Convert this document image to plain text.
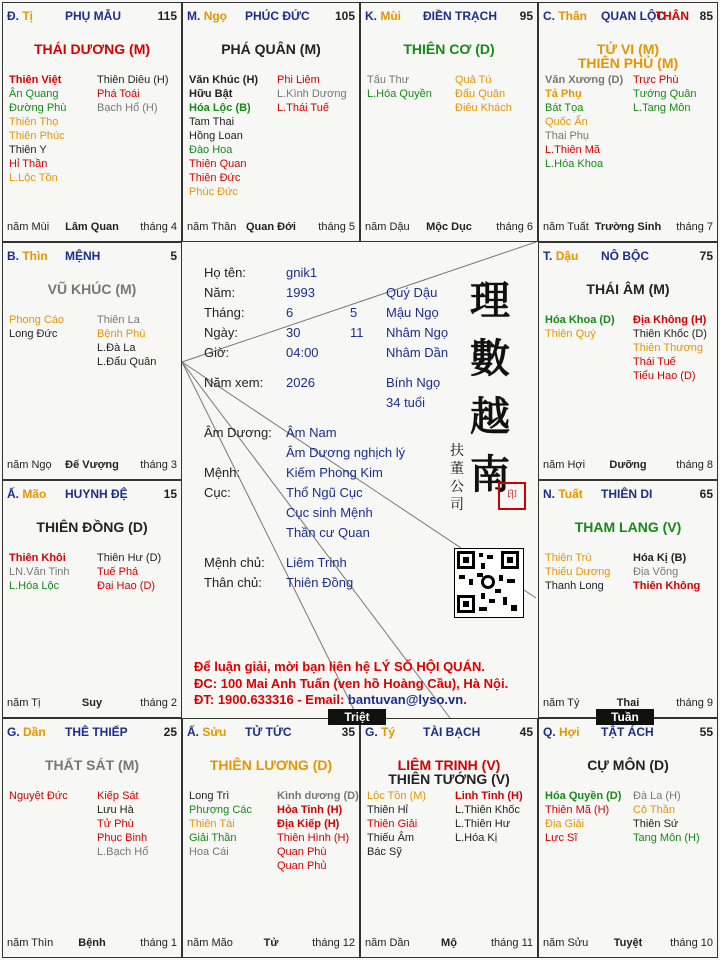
Đ. Tị	PHỤ MẪU	115
THÁI DƯƠNG (M)
Thiên Việt
Ân Quang
Đường Phù
Thiên Thọ
Thiên Phúc
Thiên Y
Hỉ Thần
L.Lộc Tồn
Thiên Diêu (H)
Phá Toái
Bạch Hổ (H)
năm Mùi	Lâm Quan	tháng 4
M. Ngọ PHÚC ĐỨC 105
PHÁ QUÂN (M)
Văn Khúc (H)
Hữu Bật
Hóa Lộc (B)
Tam Thai
Hồng Loan
Đào Hoa
Thiên Quan
Thiên Đức
Phúc Đức
Phi Liêm
L.Kình Dương
L.Thái Tuế
năm Thân Quan Đới	tháng 5
K. Mùi ĐIỀN TRẠCH 95
THIÊN CƠ (D)
Tấu Thư
L.Hóa Quyền
Quả Tú
Đẩu Quân
Điếu Khách
năm Dậu	Mộc Dục	tháng 6
C. Thân QUAN LỘC
THÂN 85
TỬ VI (M)
THIÊN PHỦ (M)
Văn Xương (D)
Tả Phụ
Bát Tọa
Quốc Ấn
Thai Phụ
L.Thiên Mã
L.Hóa Khoa
Trực Phù
Tướng Quân
L.Tang Môn
năm Tuất Trường Sinh	tháng 7
B. Thìn MỆNH	5
VŨ KHÚC (M)
Phong Cáo
Long Đức
Thiên La
Bệnh Phù
L.Đà La
L.Đẩu Quân
năm Ngọ	Đế Vượng	tháng 3
T. Dậu NÔ BỘC	75
THÁI ÂM (M)
Hóa Khoa (D)
Thiên Quý
Địa Không (H)
Thiên Khốc (D)
Thiên Thương
Thái Tuế
Tiểu Hao (D)
năm Hợi	Dưỡng	tháng 8
Ấ. Mão HUYNH ĐỆ	15
THIÊN ĐỒNG (D)
Thiên Khôi
LN.Văn Tinh
L.Hóa Lộc
Thiên Hư (D)
Tuế Phá
Đại Hao (D)
năm Tị	Suy	tháng 2
N. Tuất THIÊN DI	65
THAM LANG (V)
Thiên Trù
Thiếu Dương
Thanh Long
Hóa Kị (B)
Địa Võng
Thiên Không
năm Tý	Thai	tháng 9
G. Dần THÊ THIẾP	25
THẤT SÁT (M)
Nguyệt Đức	Kiếp Sát
Lưu Hà
Tử Phù
Phục Binh
L.Bạch Hổ
năm Thìn	Bệnh	tháng 1
Ấ. Sửu TỬ TỨC	35
THIÊN LƯƠNG (D)
Long Trì
Phượng Các
Thiên Tài
Giải Thần
Hoa Cái
Kình dương (D)
Hỏa Tinh (H)
Địa Kiếp (H)
Thiên Hình (H)
Quan Phù
Quan Phủ
năm Mão	Tử	tháng 12
G. Tý TÀI BẠCH	45
LIÊM TRINH (V)
THIÊN TƯỚNG (V)
Lộc Tồn (M)
Thiên Hỉ
Thiên Giải
Thiếu Âm
Bác Sỹ
Linh Tinh (H)
L.Thiên Khốc
L.Thiên Hư
L.Hóa Kị
năm Dần	Mộ	tháng 11
Q. Hợi TẬT ÁCH	55
CỰ MÔN (D)
Hóa Quyền (D)
Thiên Mã (H)
Địa Giải
Lực Sĩ
Đà La (H)
Cô Thần
Thiên Sứ
Tang Môn (H)
năm Sửu	Tuyệt	tháng 10
Triệt	Tuần
Họ tên:	gnik1
Năm:	1993	Quý Dậu
Tháng:	6	5 Mậu Ngọ
Ngày:	30	11 Nhâm Ngọ
Giờ:	04:00	Nhâm Dần
Năm xem: 2026	Bính Ngọ
34 tuổi
Âm Dương: Âm Nam
Âm Dương nghịch lý
Mệnh:	Kiếm Phong Kim
Cục:	Thổ Ngũ Cục
Cục sinh Mệnh
Thần cư Quan
Mệnh chủ: Liêm Trinh
Thân chủ: Thiên Đồng
理
數
越
南
扶
董
公
司
印
Để luận giải, mời bạn liên hệ LÝ SỐ HỘI QUÁN.
ĐC: 100 Mai Anh Tuấn (ven hồ Hoàng Cầu), Hà Nội.
ĐT: 1900.633316 - Email: bantuvan@lyso.vn.
